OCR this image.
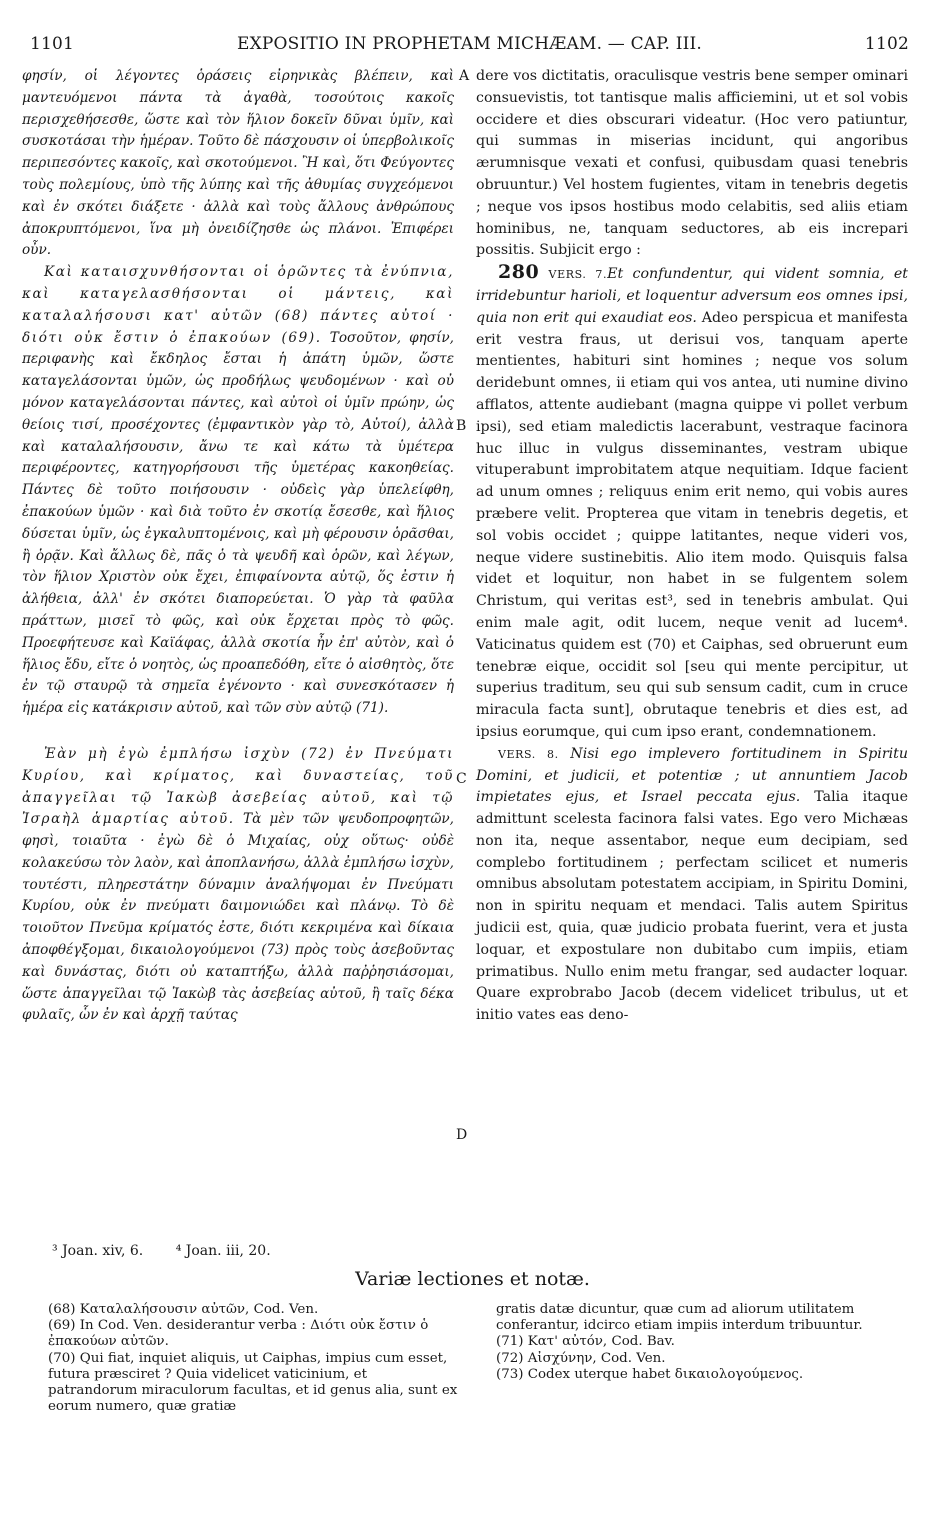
1101	EXPOSITIO IN PROPHETAM MICHÆAM. — CAP. III.	1102
A
B
C
D

φησίν, οἱ λέγοντες ὁράσεις εἰρηνικὰς βλέπειν, καὶ μαντευόμενοι πάντα τὰ ἀγαθὰ, τοσούτοις κακοῖς περισχεθήσεσθε, ὥστε καὶ τὸν ἥλιον δοκεῖν δῦναι ὑμῖν, καὶ συσκοτάσαι τὴν ἡμέραν. Τοῦτο δὲ πάσχουσιν οἱ ὑπερβολικοῖς περιπεσόντες κακοῖς, καὶ σκοτούμενοι. Ἢ καὶ, ὅτι Φεύγοντες τοὺς πολεμίους, ὑπὸ τῆς λύπης καὶ τῆς ἀθυμίας συγχεόμενοι καὶ ἐν σκότει διάξετε · ἀλλὰ καὶ τοὺς ἄλλους ἀνθρώπους ἀποκρυπτόμενοι, ἵνα μὴ ὀνειδίζησθε ὡς πλάνοι. Ἐπιφέρει οὖν.

Καὶ καταισχυνθήσονται οἱ ὁρῶντες τὰ ἐνύπνια, καὶ καταγελασθήσονται οἱ μάντεις, καὶ καταλαλήσουσι κατ' αὐτῶν (68) πάντες αὐτοί · διότι οὐκ ἔστιν ὁ ἐπακούων (69). Τοσοῦτον, φησίν, περιφανὴς καὶ ἔκδηλος ἔσται ἡ ἀπάτη ὑμῶν, ὥστε καταγελάσονται ὑμῶν, ὡς προδήλως ψευδομένων · καὶ οὐ μόνον καταγελάσονται πάντες, καὶ αὐτοὶ οἱ ὑμῖν πρώην, ὡς θείοις τισί, προσέχοντες (ἐμφαντικὸν γὰρ τὸ, Αὐτοί), ἀλλὰ καὶ καταλαλήσουσιν, ἄνω τε καὶ κάτω τὰ ὑμέτερα περιφέροντες, κατηγορήσουσι τῆς ὑμετέρας κακοηθείας. Πάντες δὲ τοῦτο ποιήσουσιν · οὐδεὶς γὰρ ὑπελείφθη, ἐπακούων ὑμῶν · καὶ διὰ τοῦτο ἐν σκοτίᾳ ἔσεσθε, καὶ ἥλιος δύσεται ὑμῖν, ὡς ἐγκαλυπτομένοις, καὶ μὴ φέρουσιν ὁρᾶσθαι, ἢ ὁρᾷν. Καὶ ἄλλως δὲ, πᾶς ὁ τὰ ψευδῆ καὶ ὁρῶν, καὶ λέγων, τὸν ἥλιον Χριστὸν οὐκ ἔχει, ἐπιφαίνοντα αὐτῷ, ὅς ἐστιν ἡ ἀλήθεια, ἀλλ' ἐν σκότει διαπορεύεται. Ὁ γὰρ τὰ φαῦλα πράττων, μισεῖ τὸ φῶς, καὶ οὐκ ἔρχεται πρὸς τὸ φῶς. Προεφήτευσε καὶ Καϊάφας, ἀλλὰ σκοτία ἦν ἐπ' αὐτὸν, καὶ ὁ ἥλιος ἔδυ, εἴτε ὁ νοητὸς, ὡς προαπεδόθη, εἴτε ὁ αἰσθητὸς, ὅτε ἐν τῷ σταυρῷ τὰ σημεῖα ἐγένοντο · καὶ συνεσκότασεν ἡ ἡμέρα εἰς κατάκρισιν αὐτοῦ, καὶ τῶν σὺν αὐτῷ (71).

Ἐὰν μὴ ἐγὼ ἐμπλήσω ἰσχὺν (72) ἐν Πνεύματι Κυρίου, καὶ κρίματος, καὶ δυναστείας, τοῦ ἀπαγγεῖλαι τῷ Ἰακὼβ ἀσεβείας αὐτοῦ, καὶ τῷ Ἰσραὴλ ἁμαρτίας αὐτοῦ. Τὰ μὲν τῶν ψευδοπροφητῶν, φησὶ, τοιαῦτα · ἐγὼ δὲ ὁ Μιχαίας, οὐχ οὕτως· οὐδὲ κολακεύσω τὸν λαὸν, καὶ ἀποπλανήσω, ἀλλὰ ἐμπλήσω ἰσχὺν, τουτέστι, πληρεστάτην δύναμιν ἀναλήψομαι ἐν Πνεύματι Κυρίου, οὐκ ἐν πνεύματι δαιμονιώδει καὶ πλάνῳ. Τὸ δὲ τοιοῦτον Πνεῦμα κρίματός ἐστε, διότι κεκριμένα καὶ δίκαια ἀποφθέγξομαι, δικαιολογούμενοι (73) πρὸς τοὺς ἀσεβοῦντας καὶ δυνάστας, διότι οὐ καταπτήξω, ἀλλὰ παῤῥησιάσομαι, ὥστε ἀπαγγεῖλαι τῷ Ἰακὼβ τὰς ἀσεβείας αὐτοῦ, ἢ ταῖς δέκα φυλαῖς, ὧν ἐν καὶ ἀρχῇ ταύτας

dere vos dictitatis, oraculisque vestris bene semper ominari consuevistis, tot tantisque malis afficiemini, ut et sol vobis occidere et dies obscurari videatur. (Hoc vero patiuntur, qui summas in miserias incidunt, qui angoribus ærumnisque vexati et confusi, quibusdam quasi tenebris obruuntur.) Vel hostem fugientes, vitam in tenebris degetis ; neque vos ipsos hostibus modo celabitis, sed aliis etiam hominibus, ne, tanquam seductores, ab eis increpari possitis. Subjicit ergo :

280 VERS. 7.Et confundentur, qui vident somnia, et irridebuntur harioli, et loquentur adversum eos omnes ipsi, quia non erit qui exaudiat eos. Adeo perspicua et manifesta erit vestra fraus, ut derisui vos, tanquam aperte mentientes, habituri sint homines ; neque vos solum deridebunt omnes, ii etiam qui vos antea, uti numine divino afflatos, attente audiebant (magna quippe vi pollet verbum ipsi), sed etiam maledictis lacerabunt, vestraque facinora huc illuc in vulgus disseminantes, vestram ubique vituperabunt improbitatem atque nequitiam. Idque facient ad unum omnes ; reliquus enim erit nemo, qui vobis aures præbere velit. Propterea que vitam in tenebris degetis, et sol vobis occidet ; quippe latitantes, neque videri vos, neque videre sustinebitis. Alio item modo. Quisquis falsa videt et loquitur, non habet in se fulgentem solem Christum, qui veritas est³, sed in tenebris ambulat. Qui enim male agit, odit lucem, neque venit ad lucem⁴. Vaticinatus quidem est (70) et Caiphas, sed obruerunt eum tenebræ eique, occidit sol [seu qui mente percipitur, ut superius traditum, seu qui sub sensum cadit, cum in cruce miracula facta sunt], obrutaque tenebris et dies est, ad ipsius eorumque, qui cum ipso erant, condemnationem.

VERS. 8. Nisi ego implevero fortitudinem in Spiritu Domini, et judicii, et potentiæ ; ut annuntiem Jacob impietates ejus, et Israel peccata ejus. Talia itaque admittunt scelesta facinora falsi vates. Ego vero Michæas non ita, neque assentabor, neque eum decipiam, sed complebo fortitudinem ; perfectam scilicet et numeris omnibus absolutam potestatem accipiam, in Spiritu Domini, non in spiritu nequam et mendaci. Talis autem Spiritus judicii est, quia, quæ judicio probata fuerint, vera et justa loquar, et expostulare non dubitabo cum impiis, etiam primatibus. Nullo enim metu frangar, sed audacter loquar. Quare exprobrabo Jacob (decem videlicet tribulus, ut et initio vates eas deno-

³ Joan. xiv, 6. ⁴ Joan. iii, 20.
Variæ lectiones et notæ.

(68) Καταλαλήσουσιν αὐτῶν, Cod. Ven.

(69) In Cod. Ven. desiderantur verba : Διότι οὐκ ἔστιν ὁ ἐπακούων αὐτῶν.

(70) Qui fiat, inquiet aliquis, ut Caiphas, impius cum esset, futura præsciret ? Quia videlicet vaticinium, et patrandorum miraculorum facultas, et id genus alia, sunt ex eorum numero, quæ gratiæ

gratis datæ dicuntur, quæ cum ad aliorum utilitatem conferantur, idcirco etiam impiis interdum tribuuntur.

(71) Κατ' αὐτόν, Cod. Bav.

(72) Αἰσχύνην, Cod. Ven.

(73) Codex uterque habet δικαιολογούμενος.
